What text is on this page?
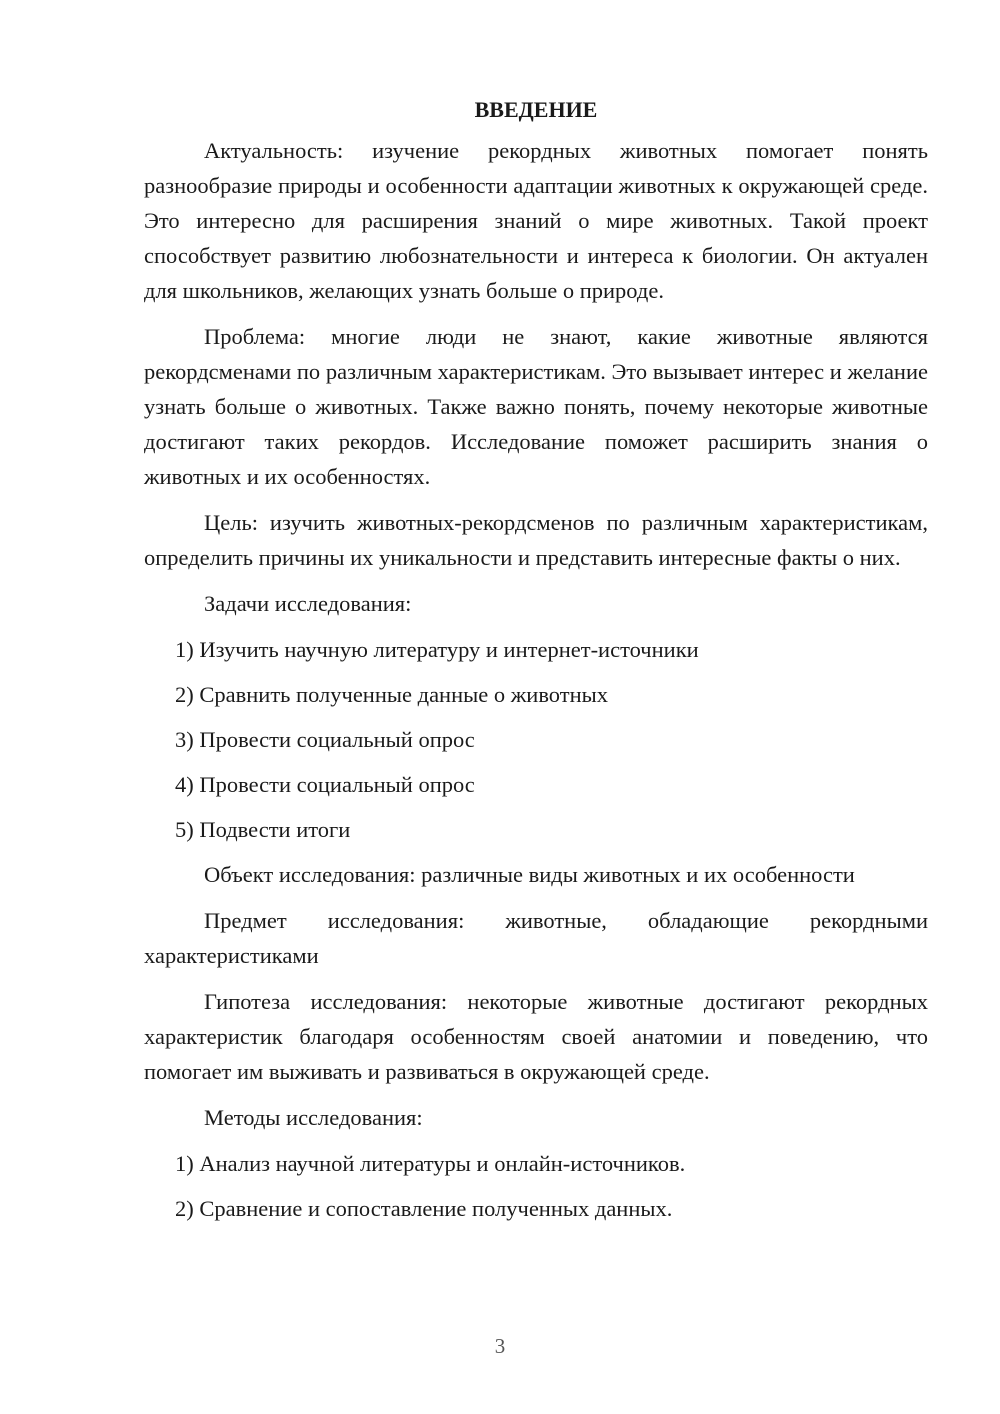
ВВЕДЕНИЕ

Актуальность: изучение рекордных животных помогает понять разнообразие природы и особенности адаптации животных к окружающей среде. Это интересно для расширения знаний о мире животных. Такой проект способствует развитию любознательности и интереса к биологии. Он актуален для школьников, желающих узнать больше о природе.

Проблема: многие люди не знают, какие животные являются рекордсменами по различным характеристикам. Это вызывает интерес и желание узнать больше о животных. Также важно понять, почему некоторые животные достигают таких рекордов. Исследование поможет расширить знания о животных и их особенностях.

Цель: изучить животных-рекордсменов по различным характеристикам, определить причины их уникальности и представить интересные факты о них.

Задачи исследования:

1) Изучить научную литературу и интернет-источники
2) Сравнить полученные данные о животных
3) Провести социальный опрос
4) Провести социальный опрос
5) Подвести итоги

Объект исследования: различные виды животных и их особенности

Предмет исследования: животные, обладающие рекордными характеристиками

Гипотеза исследования: некоторые животные достигают рекордных характеристик благодаря особенностям своей анатомии и поведению, что помогает им выживать и развиваться в окружающей среде.

Методы исследования:

1) Анализ научной литературы и онлайн-источников.
2) Сравнение и сопоставление полученных данных.
3
